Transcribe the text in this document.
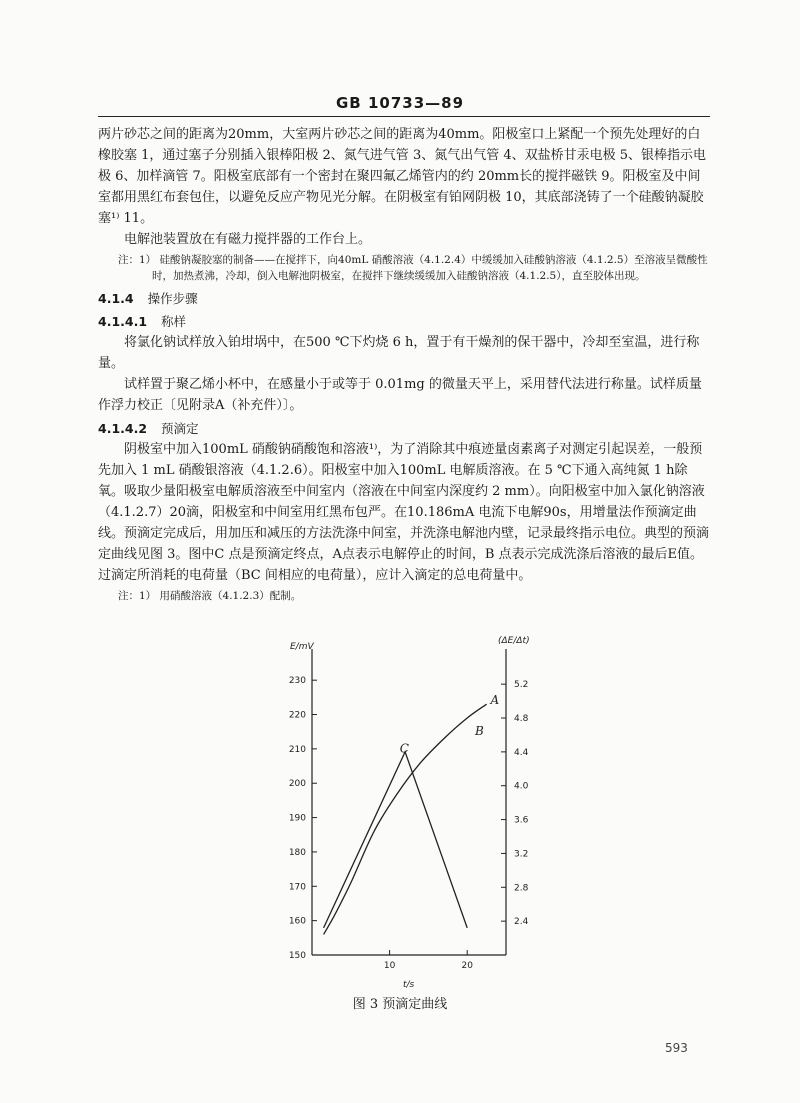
GB 10733—89

两片砂芯之间的距离为20mm，大室两片砂芯之间的距离为40mm。阳极室口上紧配一个预先处理好的白橡胶塞 1，通过塞子分别插入银棒阳极 2、氮气进气管 3、氮气出气管 4、双盐桥甘汞电极 5、银棒指示电极 6、加样滴管 7。阳极室底部有一个密封在聚四氟乙烯管内的约 20mm长的搅拌磁铁 9。阳极室及中间室都用黑红布套包住，以避免反应产物见光分解。在阴极室有铂网阴极 10，其底部浇铸了一个硅酸钠凝胶塞¹⁾ 11。

电解池装置放在有磁力搅拌器的工作台上。

注：1） 硅酸钠凝胶塞的制备——在搅拌下，向40mL 硝酸溶液（4.1.2.4）中缓缓加入硅酸钠溶液（4.1.2.5）至溶液呈微酸性时，加热煮沸，冷却，倒入电解池阴极室，在搅拌下继续缓缓加入硅酸钠溶液（4.1.2.5），直至胶体出现。

4.1.4 操作步骤

4.1.4.1 称样

将氯化钠试样放入铂坩埚中，在500 ℃下灼烧 6 h，置于有干燥剂的保干器中，冷却至室温，进行称量。

试样置于聚乙烯小杯中，在感量小于或等于 0.01mg 的微量天平上，采用替代法进行称量。试样质量作浮力校正〔见附录A（补充件）〕。

4.1.4.2 预滴定

阴极室中加入100mL 硝酸钠硝酸饱和溶液¹⁾，为了消除其中痕迹量卤素离子对测定引起误差，一般预先加入 1 mL 硝酸银溶液（4.1.2.6）。阳极室中加入100mL 电解质溶液。在 5 ℃下通入高纯氮 1 h除氧。吸取少量阳极室电解质溶液至中间室内（溶液在中间室内深度约 2 mm）。向阳极室中加入氯化钠溶液（4.1.2.7）20滴，阳极室和中间室用红黑布包严。在10.186mA 电流下电解90s，用增量法作预滴定曲线。预滴定完成后，用加压和减压的方法洗涤中间室，并洗涤电解池内壁，记录最终指示电位。典型的预滴定曲线见图 3。图中C 点是预滴定终点，A点表示电解停止的时间，B 点表示完成洗涤后溶液的最后E值。过滴定所消耗的电荷量（BC 间相应的电荷量），应计入滴定的总电荷量中。

注：1） 用硝酸溶液（4.1.2.3）配制。

E/mV
(ΔE/Δt)
t/s
150
160
170
180
190
200
210
220
230
2.4
2.8
3.2
3.6
4.0
4.4
4.8
5.2
10	20
A
B
C
图 3 预滴定曲线
593
